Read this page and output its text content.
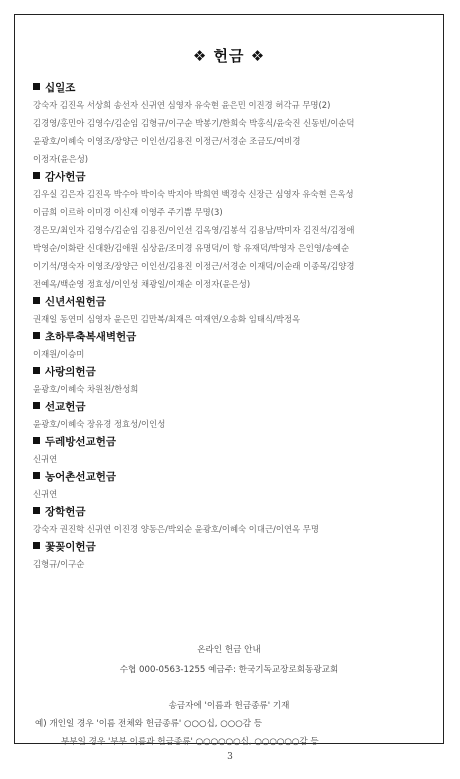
❖ 헌금 ❖
십일조
강숙자 김진옥 서상희 송선자 신귀연 심영자 유숙현 윤은민 이진경 허각규 무명(2)
김경영/홍민아 김영수/김순임 김형규/이구순 박봉기/한희숙 박홍식/윤숙진 신동빈/이순덕
윤광호/이혜숙 이영조/장양근 이인선/김용진 이정근/서경순 조금도/여비경
이정자(윤은성)
감사헌금
김우실 김은자 김진옥 박수아 박이숙 박지아 박희연 백경숙 신장근 심영자 유숙현 은옥성
이금희 이르하 이미경 이신재 이영주 주기쁨 무명(3)
경은모/최인자 김영수/김순임 김용진/이인선 김옥영/김봉석 김용남/박미자 김진석/김정애
박영순/이화란 신대환/김애원 심상윤/조미경 유명덕/이 항 유재덕/박영자 은인영/송예순
이기석/명숙자 이영조/장양근 이인선/김용진 이정근/서경순 이재덕/이순래 이종목/김양경
전예옥/백순영 정효성/이인성 채광일/이재순 이정자(윤은성)
신년서원헌금
권재일 동연미 심영자 윤은민 김만복/최재은 여재연/오송화 임태식/박정옥
초하루축복새벽헌금
이재원/이승미
사랑의헌금
윤광호/이혜숙 차원천/한성희
선교헌금
윤광호/이혜숙 장유경 정효성/이인성
두레방선교헌금
신귀연
농어촌선교헌금
신귀연
장학헌금
강숙자 권진학 신귀연 이진경 양동은/박외순 윤광호/이혜숙 이대근/이연옥 무명
꽃꽂이헌금
김형규/이구순
온라인 헌금 안내
수협 000-0563-1255 예금주: 한국기독교장로회동광교회
송금자에 '이름과 헌금종류' 기재
예) 개인일 경우 '이름 전체와 헌금종류' ○○○십, ○○○감 등
부부일 경우 '부부 이름과 헌금종류' ○○○○○○십, ○○○○○○감 등
3
